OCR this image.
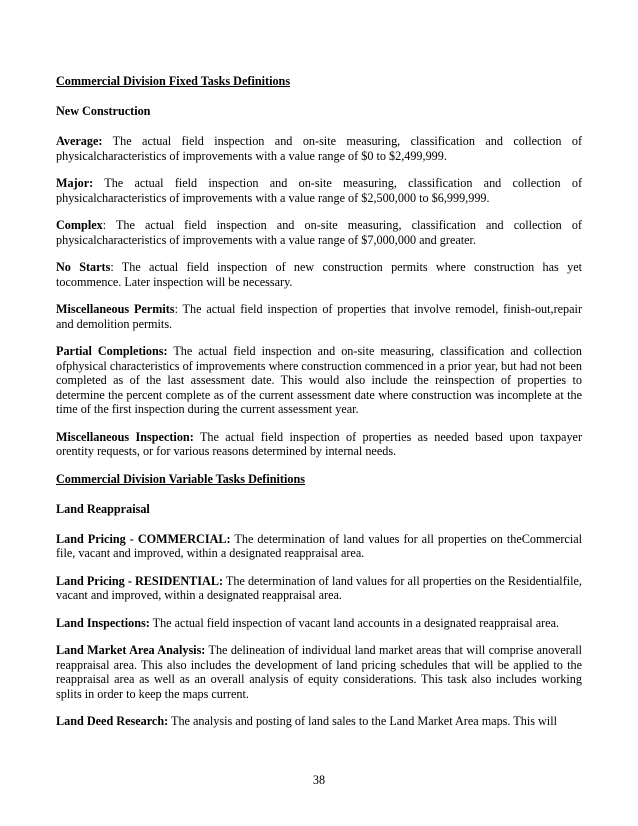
Commercial Division Fixed Tasks Definitions
New Construction
Average: The actual field inspection and on-site measuring, classification and collection of physicalcharacteristics of improvements with a value range of $0 to $2,499,999.
Major: The actual field inspection and on-site measuring, classification and collection of physicalcharacteristics of improvements with a value range of $2,500,000 to $6,999,999.
Complex: The actual field inspection and on-site measuring, classification and collection of physicalcharacteristics of improvements with a value range of $7,000,000 and greater.
No Starts: The actual field inspection of new construction permits where construction has yet tocommence. Later inspection will be necessary.
Miscellaneous Permits: The actual field inspection of properties that involve remodel, finish-out,repair and demolition permits.
Partial Completions: The actual field inspection and on-site measuring, classification and collection ofphysical characteristics of improvements where construction commenced in a prior year, but had not been completed as of the last assessment date. This would also include the reinspection of properties to determine the percent complete as of the current assessment date where construction was incomplete at the time of the first inspection during the current assessment year.
Miscellaneous Inspection: The actual field inspection of properties as needed based upon taxpayer orentity requests, or for various reasons determined by internal needs.
Commercial Division Variable Tasks Definitions
Land Reappraisal
Land Pricing - COMMERCIAL: The determination of land values for all properties on theCommercial file, vacant and improved, within a designated reappraisal area.
Land Pricing - RESIDENTIAL: The determination of land values for all properties on the Residentialfile, vacant and improved, within a designated reappraisal area.
Land Inspections: The actual field inspection of vacant land accounts in a designated reappraisal area.
Land Market Area Analysis: The delineation of individual land market areas that will comprise anoverall reappraisal area. This also includes the development of land pricing schedules that will be applied to the reappraisal area as well as an overall analysis of equity considerations. This task also includes working splits in order to keep the maps current.
Land Deed Research: The analysis and posting of land sales to the Land Market Area maps. This will
38
